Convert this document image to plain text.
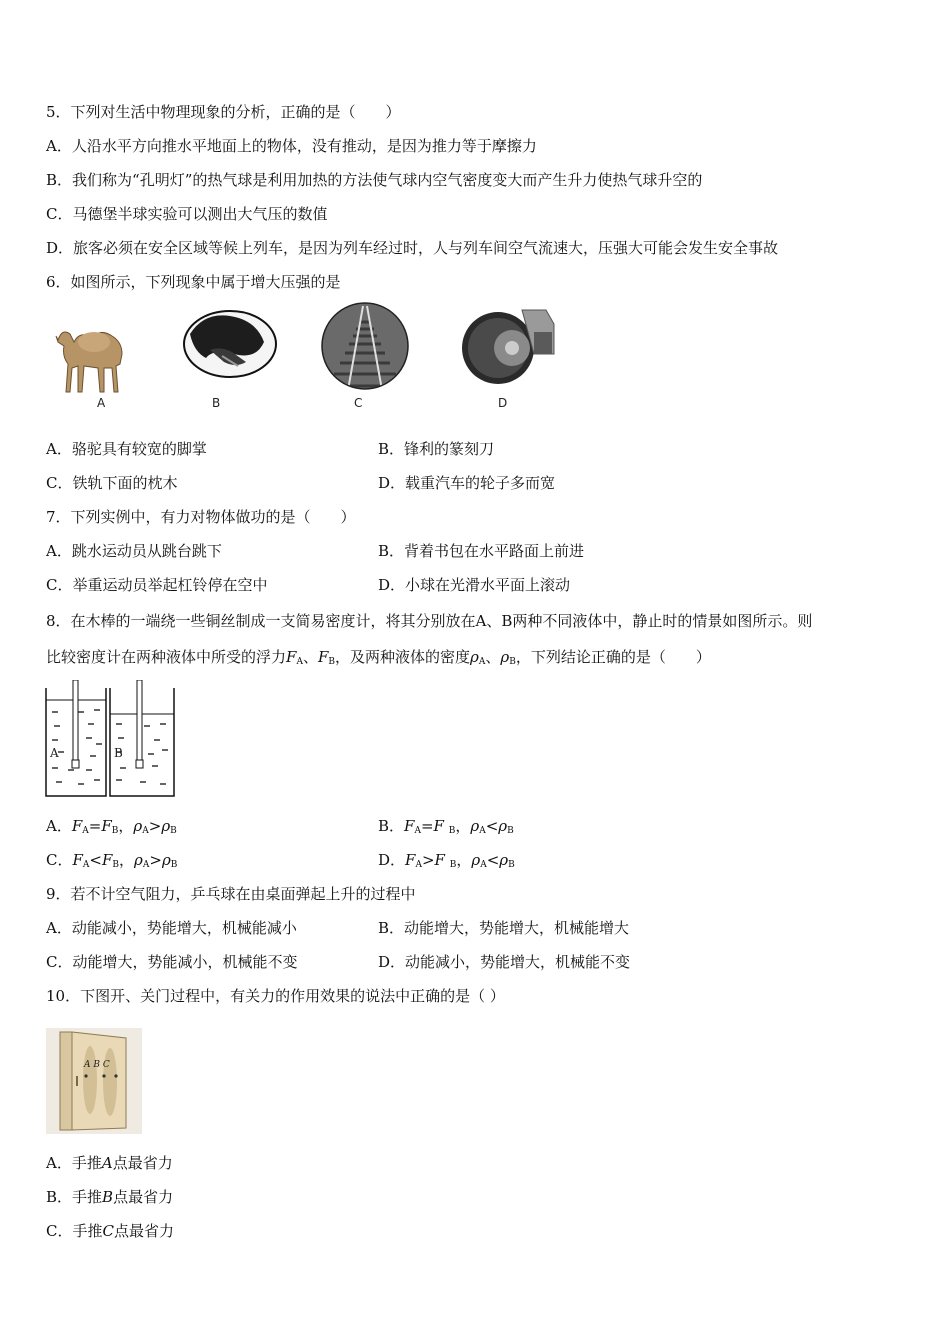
5．下列对生活中物理现象的分析，正确的是（　　）
A．人沿水平方向推水平地面上的物体，没有推动，是因为推力等于摩擦力
B．我们称为“孔明灯”的热气球是利用加热的方法使气球内空气密度变大而产生升力使热气球升空的
C．马德堡半球实验可以测出大气压的数值
D．旅客必须在安全区域等候上列车，是因为列车经过时，人与列车间空气流速大，压强大可能会发生安全事故
6．如图所示，下列现象中属于增大压强的是
A	B	C	D
A．骆驼具有较宽的脚掌	B．锋利的篆刻刀
C．铁轨下面的枕木	D．载重汽车的轮子多而宽
7．下列实例中，有力对物体做功的是（　　）
A．跳水运动员从跳台跳下	B．背着书包在水平路面上前进
C．举重运动员举起杠铃停在空中	D．小球在光滑水平面上滚动
8．在木棒的一端绕一些铜丝制成一支简易密度计，将其分别放在A、B两种不同液体中，静止时的情景如图所示。则
比较密度计在两种液体中所受的浮力$F_A$、$F_B$，及两种液体的密度$\rho_A$、$\rho_B$，下列结论正确的是（　　）
A	B
A．$F_A=F_B$，$\rho_A>\rho_B$	B．$F_A=F$ $_B$，$\rho_A<\rho_B$
C．$F_A<F_B$，$\rho_A>\rho_B$	D．$F_A>F$ $_B$，$\rho_A<\rho_B$
9．若不计空气阻力，乒乓球在由桌面弹起上升的过程中
A．动能减小，势能增大，机械能减小	B．动能增大，势能增大，机械能增大
C．动能增大，势能减小，机械能不变	D．动能减小，势能增大，机械能不变
10．下图开、关门过程中，有关力的作用效果的说法中正确的是（ ）
A B C
A．手推A点最省力
B．手推B点最省力
C．手推C点最省力
